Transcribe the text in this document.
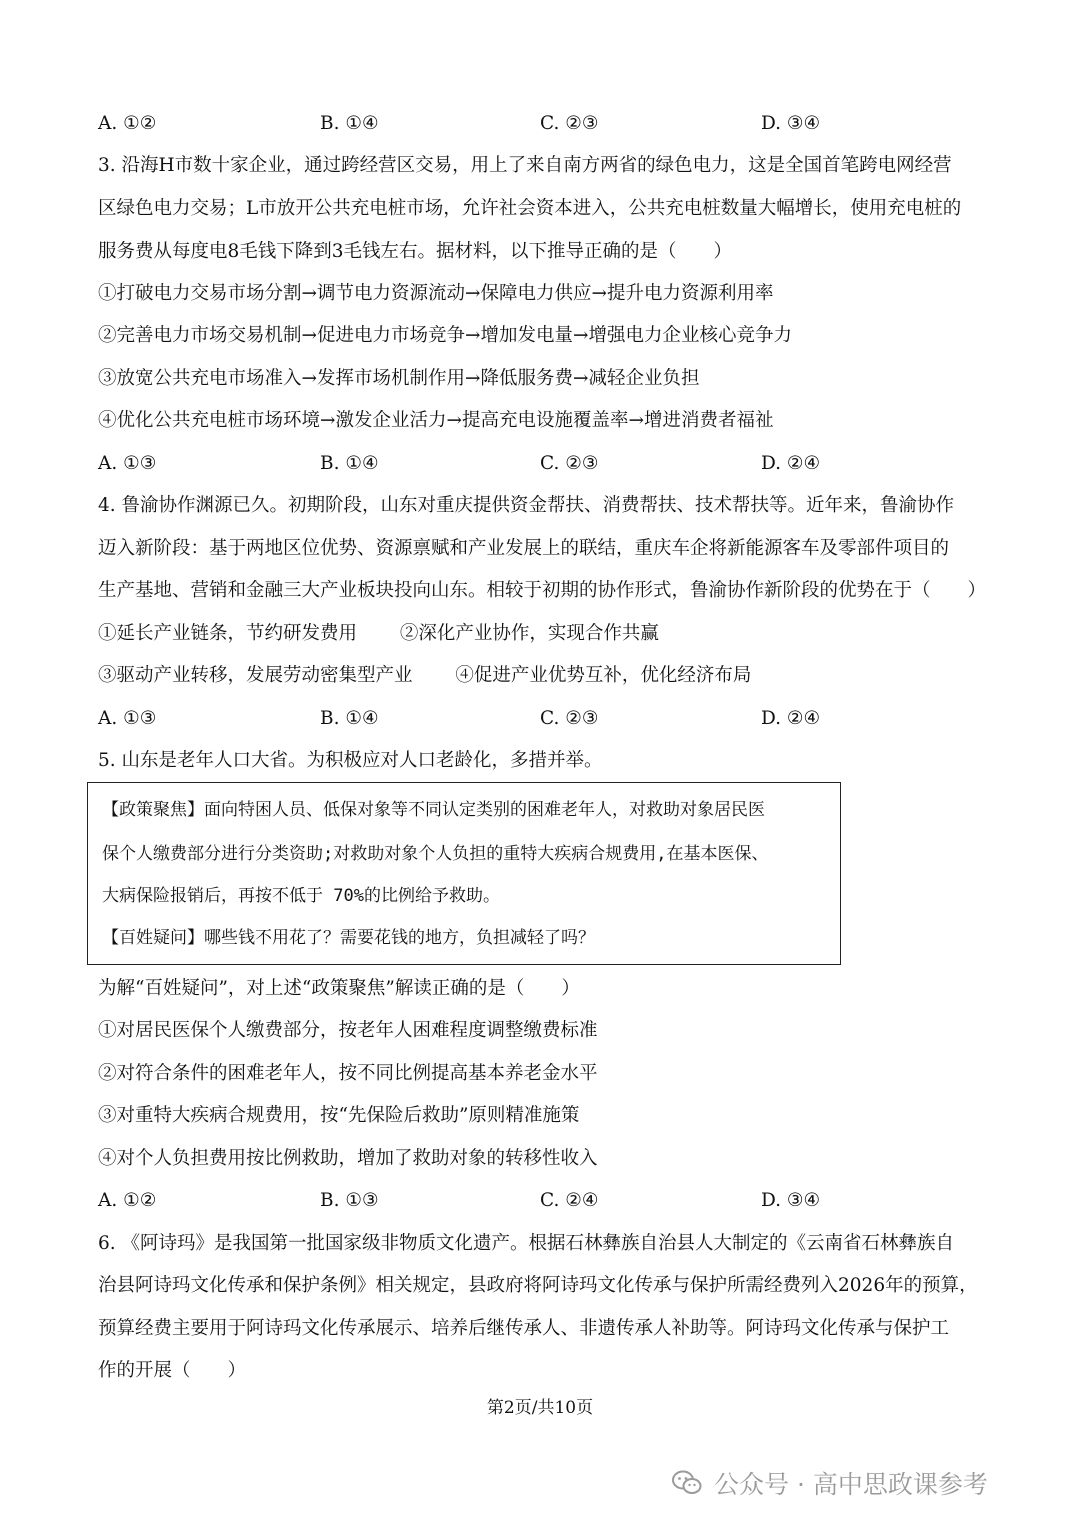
A. ①②	B. ①④	C. ②③	D. ③④
3. 沿海H市数十家企业，通过跨经营区交易，用上了来自南方两省的绿色电力，这是全国首笔跨电网经营
区绿色电力交易；L市放开公共充电桩市场，允许社会资本进入，公共充电桩数量大幅增长，使用充电桩的
服务费从每度电8毛钱下降到3毛钱左右。据材料，以下推导正确的是（　　）
①打破电力交易市场分割→调节电力资源流动→保障电力供应→提升电力资源利用率
②完善电力市场交易机制→促进电力市场竞争→增加发电量→增强电力企业核心竞争力
③放宽公共充电市场准入→发挥市场机制作用→降低服务费→减轻企业负担
④优化公共充电桩市场环境→激发企业活力→提高充电设施覆盖率→增进消费者福祉
A. ①③	B. ①④	C. ②③	D. ②④
4. 鲁渝协作渊源已久。初期阶段，山东对重庆提供资金帮扶、消费帮扶、技术帮扶等。近年来，鲁渝协作
迈入新阶段：基于两地区位优势、资源禀赋和产业发展上的联结，重庆车企将新能源客车及零部件项目的
生产基地、营销和金融三大产业板块投向山东。相较于初期的协作形式，鲁渝协作新阶段的优势在于（　　）
①延长产业链条，节约研发费用　　 ②深化产业协作，实现合作共赢
③驱动产业转移，发展劳动密集型产业　　 ④促进产业优势互补，优化经济布局
A. ①③	B. ①④	C. ②③	D. ②④
5. 山东是老年人口大省。为积极应对人口老龄化，多措并举。
【政策聚焦】面向特困人员、低保对象等不同认定类别的困难老年人，对救助对象居民医
保个人缴费部分进行分类资助;对救助对象个人负担的重特大疾病合规费用,在基本医保、
大病保险报销后，再按不低于 70%的比例给予救助。
【百姓疑问】哪些钱不用花了？需要花钱的地方，负担减轻了吗？
为解“百姓疑问”，对上述“政策聚焦”解读正确的是（　　）
①对居民医保个人缴费部分，按老年人困难程度调整缴费标准
②对符合条件的困难老年人，按不同比例提高基本养老金水平
③对重特大疾病合规费用，按“先保险后救助”原则精准施策
④对个人负担费用按比例救助，增加了救助对象的转移性收入
A. ①②	B. ①③	C. ②④	D. ③④
6. 《阿诗玛》是我国第一批国家级非物质文化遗产。根据石林彝族自治县人大制定的《云南省石林彝族自
治县阿诗玛文化传承和保护条例》相关规定，县政府将阿诗玛文化传承与保护所需经费列入2026年的预算，
预算经费主要用于阿诗玛文化传承展示、培养后继传承人、非遗传承人补助等。阿诗玛文化传承与保护工
作的开展（　　）
第2页/共10页
公众号 · 高中思政课参考
